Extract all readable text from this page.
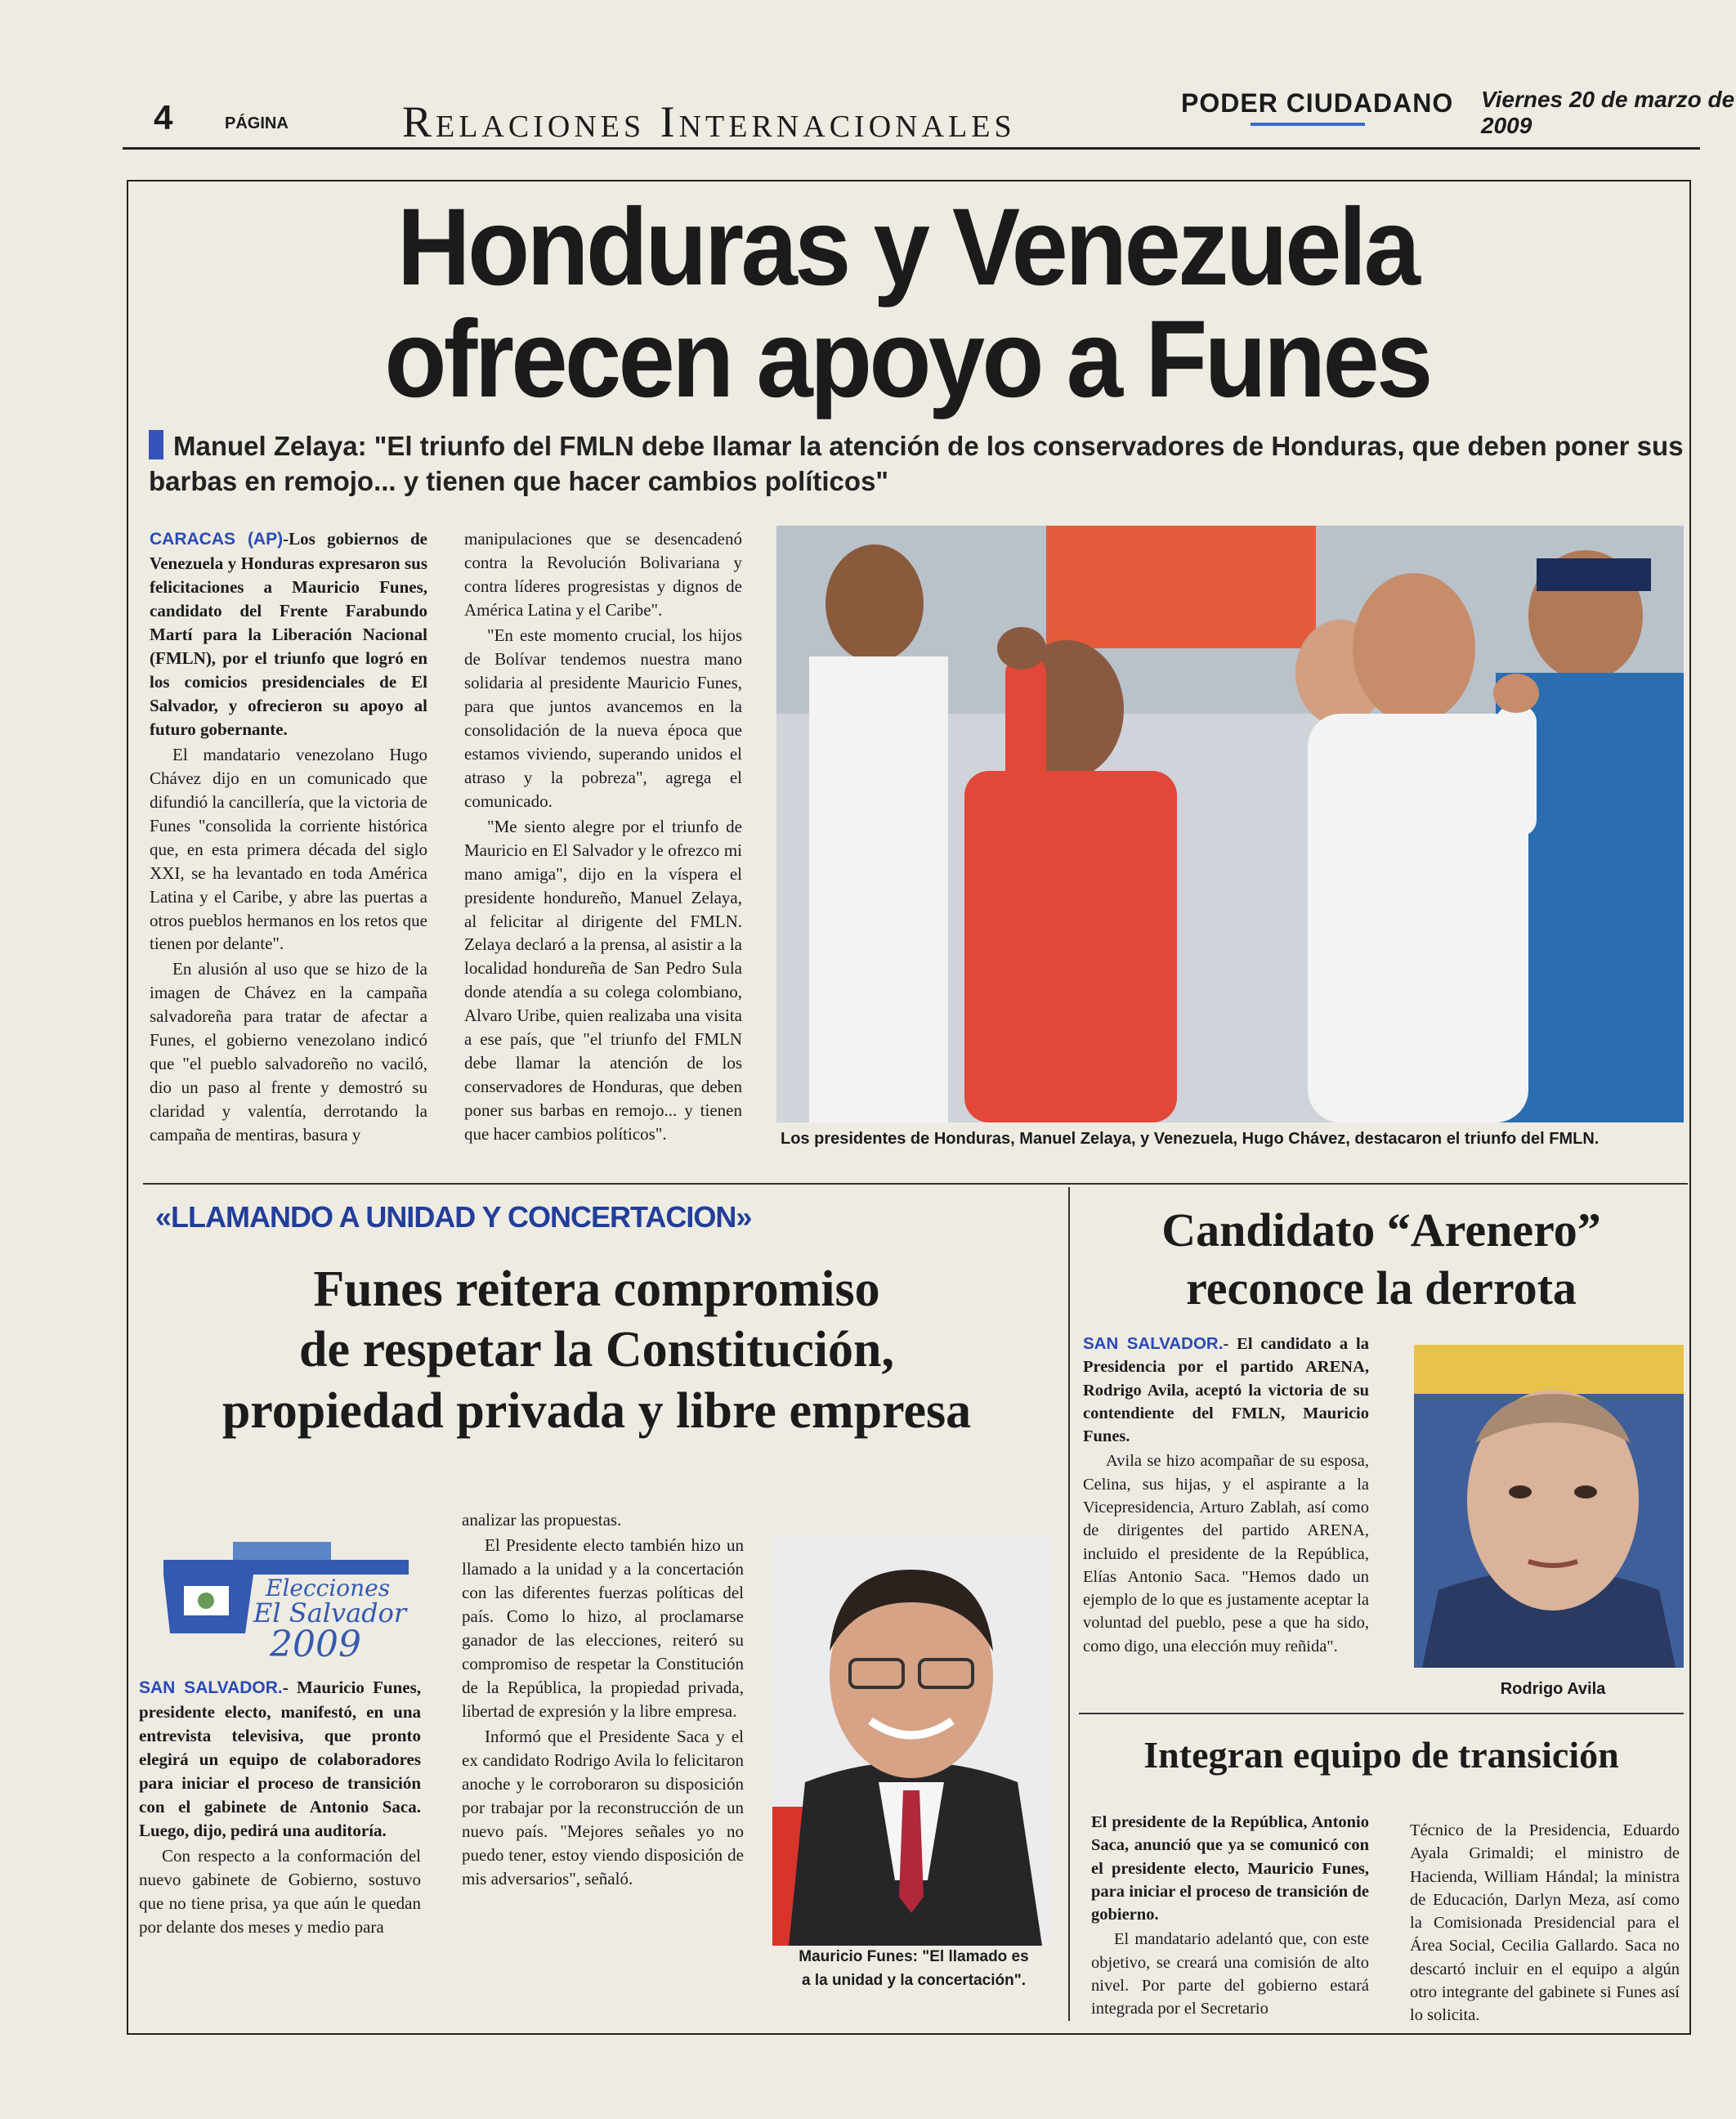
4	PÁGINA	Relaciones Internacionales	PODER CIUDADANO Viernes 20 de marzo de 2009
Honduras y Venezuela
ofrecen apoyo a Funes
Manuel Zelaya: "El triunfo del FMLN debe llamar la atención de los conservadores de Honduras, que deben poner sus barbas en remojo... y tienen que hacer cambios políticos"

CARACAS (AP)-Los gobiernos de Venezuela y Honduras expresaron sus felicitaciones a Mauricio Funes, candidato del Frente Farabundo Martí para la Liberación Nacional (FMLN), por el triunfo que logró en los comicios presidenciales de El Salvador, y ofrecieron su apoyo al futuro gobernante.

El mandatario venezolano Hugo Chávez dijo en un comunicado que difundió la cancillería, que la victoria de Funes "consolida la corriente histórica que, en esta primera década del siglo XXI, se ha levantado en toda América Latina y el Caribe, y abre las puertas a otros pueblos hermanos en los retos que tienen por delante".

En alusión al uso que se hizo de la imagen de Chávez en la campaña salvadoreña para tratar de afectar a Funes, el gobierno venezolano indicó que "el pueblo salvadoreño no vaciló, dio un paso al frente y demostró su claridad y valentía, derrotando la campaña de mentiras, basura y

manipulaciones que se desencadenó contra la Revolución Bolivariana y contra líderes progresistas y dignos de América Latina y el Caribe".

"En este momento crucial, los hijos de Bolívar tendemos nuestra mano solidaria al presidente Mauricio Funes, para que juntos avancemos en la consolidación de la nueva época que estamos viviendo, superando unidos el atraso y la pobreza", agrega el comunicado.

"Me siento alegre por el triunfo de Mauricio en El Salvador y le ofrezco mi mano amiga", dijo en la víspera el presidente hondureño, Manuel Zelaya, al felicitar al dirigente del FMLN. Zelaya declaró a la prensa, al asistir a la localidad hondureña de San Pedro Sula donde atendía a su colega colombiano, Alvaro Uribe, quien realizaba una visita a ese país, que "el triunfo del FMLN debe llamar la atención de los conservadores de Honduras, que deben poner sus barbas en remojo... y tienen que hacer cambios políticos".	Los presidentes de Honduras, Manuel Zelaya, y Venezuela, Hugo Chávez, destacaron el triunfo del FMLN.
«LLAMANDO A UNIDAD Y CONCERTACION»
Funes reitera compromiso
de respetar la Constitución,
propiedad privada y libre empresa
Elecciones
El Salvador
2009

SAN SALVADOR.- Mauricio Funes, presidente electo, manifestó, en una entrevista televisiva, que pronto elegirá un equipo de colaboradores para iniciar el proceso de transición con el gabinete de Antonio Saca. Luego, dijo, pedirá una auditoría.

Con respecto a la conformación del nuevo gabinete de Gobierno, sostuvo que no tiene prisa, ya que aún le quedan por delante dos meses y medio para

analizar las propuestas.

El Presidente electo también hizo un llamado a la unidad y a la concertación con las diferentes fuerzas políticas del país. Como lo hizo, al proclamarse ganador de las elecciones, reiteró su compromiso de respetar la Constitución de la República, la propiedad privada, libertad de expresión y la libre empresa.

Informó que el Presidente Saca y el ex candidato Rodrigo Avila lo felicitaron anoche y le corroboraron su disposición por trabajar por la reconstrucción de un nuevo país. "Mejores señales yo no puedo tener, estoy viendo disposición de mis adversarios", señaló.

Mauricio Funes: "El llamado es
a la unidad y la concertación".
Candidato “Arenero”
reconoce la derrota

SAN SALVADOR.- El candidato a la Presidencia por el partido ARENA, Rodrigo Avila, aceptó la victoria de su contendiente del FMLN, Mauricio Funes.

Avila se hizo acompañar de su esposa, Celina, sus hijas, y el aspirante a la Vicepresidencia, Arturo Zablah, así como de dirigentes del partido ARENA, incluido el presidente de la República, Elías Antonio Saca. "Hemos dado un ejemplo de lo que es justamente aceptar la voluntad del pueblo, pese a que ha sido, como digo, una elección muy reñida".

Rodrigo Avila
Integran equipo de transición

El presidente de la República, Antonio Saca, anunció que ya se comunicó con el presidente electo, Mauricio Funes, para iniciar el proceso de transición de gobierno.

El mandatario adelantó que, con este objetivo, se creará una comisión de alto nivel. Por parte del gobierno estará integrada por el Secretario

Técnico de la Presidencia, Eduardo Ayala Grimaldi; el ministro de Hacienda, William Hándal; la ministra de Educación, Darlyn Meza, así como la Comisionada Presidencial para el Área Social, Cecilia Gallardo. Saca no descartó incluir en el equipo a algún otro integrante del gabinete si Funes así lo solicita.
